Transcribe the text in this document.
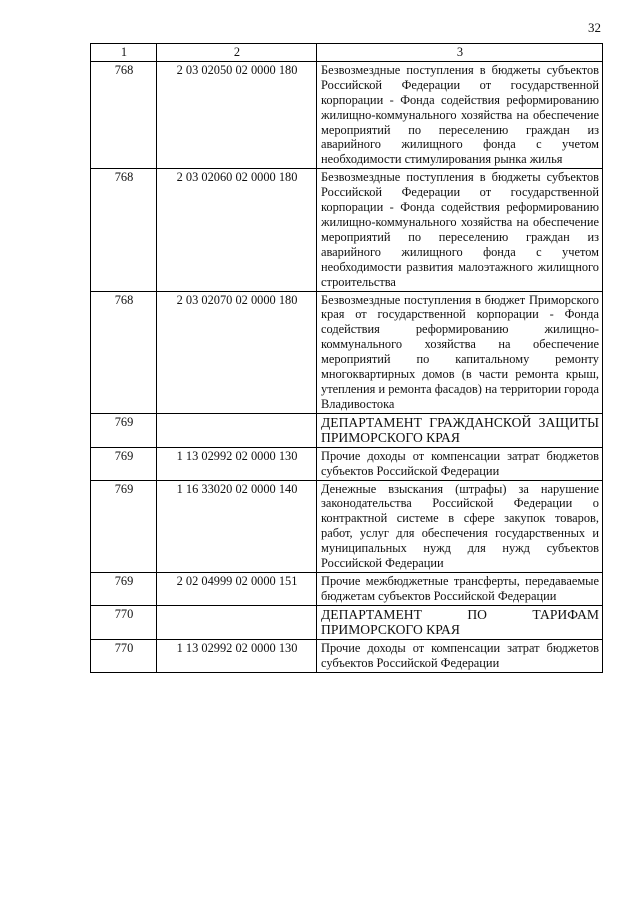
32
1	2	3
768	2 03 02050 02 0000 180	Безвозмездные поступления в бюджеты субъектов Российской Федерации от государственной корпорации - Фонда содействия реформированию жилищно-коммунального хозяйства на обеспечение мероприятий по переселению граждан из аварийного жилищного фонда с учетом необходимости стимулирования рынка жилья
768	2 03 02060 02 0000 180	Безвозмездные поступления в бюджеты субъектов Российской Федерации от государственной корпорации - Фонда содействия реформированию жилищно-коммунального хозяйства на обеспечение мероприятий по переселению граждан из аварийного жилищного фонда с учетом необходимости развития малоэтажного жилищного строительства
768	2 03 02070 02 0000 180	Безвозмездные поступления в бюджет Приморского края от государственной корпорации - Фонда содействия реформированию жилищно-коммунального хозяйства на обеспечение мероприятий по капитальному ремонту многоквартирных домов (в части ремонта крыш, утепления и ремонта фасадов) на территории города Владивостока
769		ДЕПАРТАМЕНТ ГРАЖДАНСКОЙ ЗАЩИТЫ ПРИМОРСКОГО КРАЯ
769	1 13 02992 02 0000 130	Прочие доходы от компенсации затрат бюджетов субъектов Российской Федерации
769	1 16 33020 02 0000 140	Денежные взыскания (штрафы) за нарушение законодательства Российской Федерации о контрактной системе в сфере закупок товаров, работ, услуг для обеспечения государственных и муниципальных нужд для нужд субъектов Российской Федерации
769	2 02 04999 02 0000 151	Прочие межбюджетные трансферты, передаваемые бюджетам субъектов Российской Федерации
770		ДЕПАРТАМЕНТ ПО ТАРИФАМ ПРИМОРСКОГО КРАЯ
770	1 13 02992 02 0000 130	Прочие доходы от компенсации затрат бюджетов субъектов Российской Федерации
